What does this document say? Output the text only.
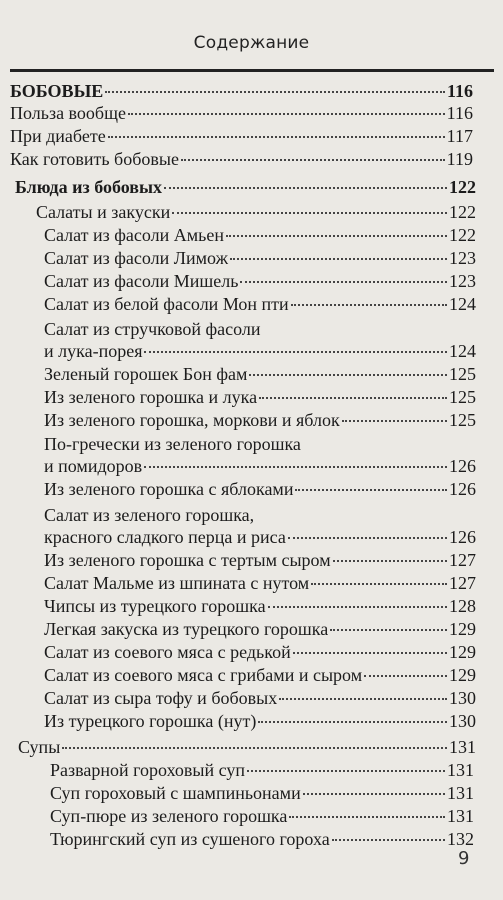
Содержание
БОБОВЫЕ	116
Польза вообще	116
При диабете	117
Как готовить бобовые	119
Блюда из бобовых	122
Салаты и закуски	122
Салат из фасоли Амьен	122
Салат из фасоли Лимож	123
Салат из фасоли Мишель	123
Салат из белой фасоли Мон пти	124
Салат из стручковой фасоли
и лука-порея	124
Зеленый горошек Бон фам	125
Из зеленого горошка и лука	125
Из зеленого горошка, моркови и яблок	125
По-гречески из зеленого горошка
и помидоров	126
Из зеленого горошка с яблоками	126
Салат из зеленого горошка,
красного сладкого перца и риса	126
Из зеленого горошка с тертым сыром	127
Салат Мальме из шпината с нутом	127
Чипсы из турецкого горошка	128
Легкая закуска из турецкого горошка	129
Салат из соевого мяса с редькой	129
Салат из соевого мяса с грибами и сыром	129
Салат из сыра тофу и бобовых	130
Из турецкого горошка (нут)	130
Супы	131
Разварной гороховый суп	131
Суп гороховый с шампиньонами	131
Суп-пюре из зеленого горошка	131
Тюрингский суп из сушеного гороха	132
9
